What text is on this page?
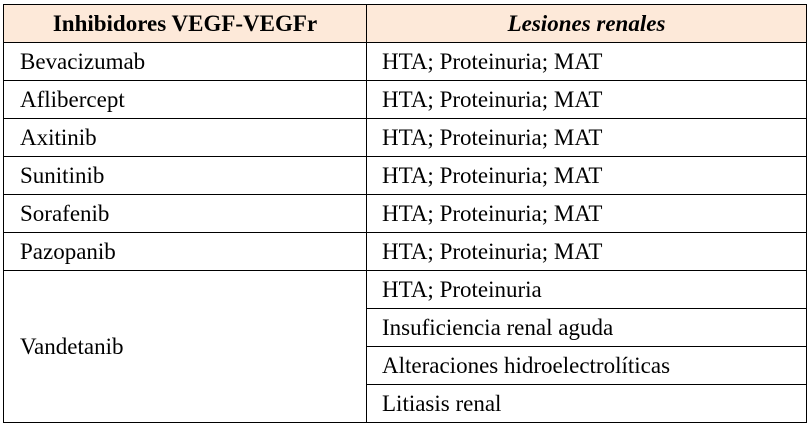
Inhibidores VEGF-VEGFr	Lesiones renales
Bevacizumab	HTA; Proteinuria; MAT
Aflibercept	HTA; Proteinuria; MAT
Axitinib	HTA; Proteinuria; MAT
Sunitinib	HTA; Proteinuria; MAT
Sorafenib	HTA; Proteinuria; MAT
Pazopanib	HTA; Proteinuria; MAT
Vandetanib	HTA; Proteinuria
	Insuficiencia renal aguda
	Alteraciones hidroelectrolíticas
	Litiasis renal
